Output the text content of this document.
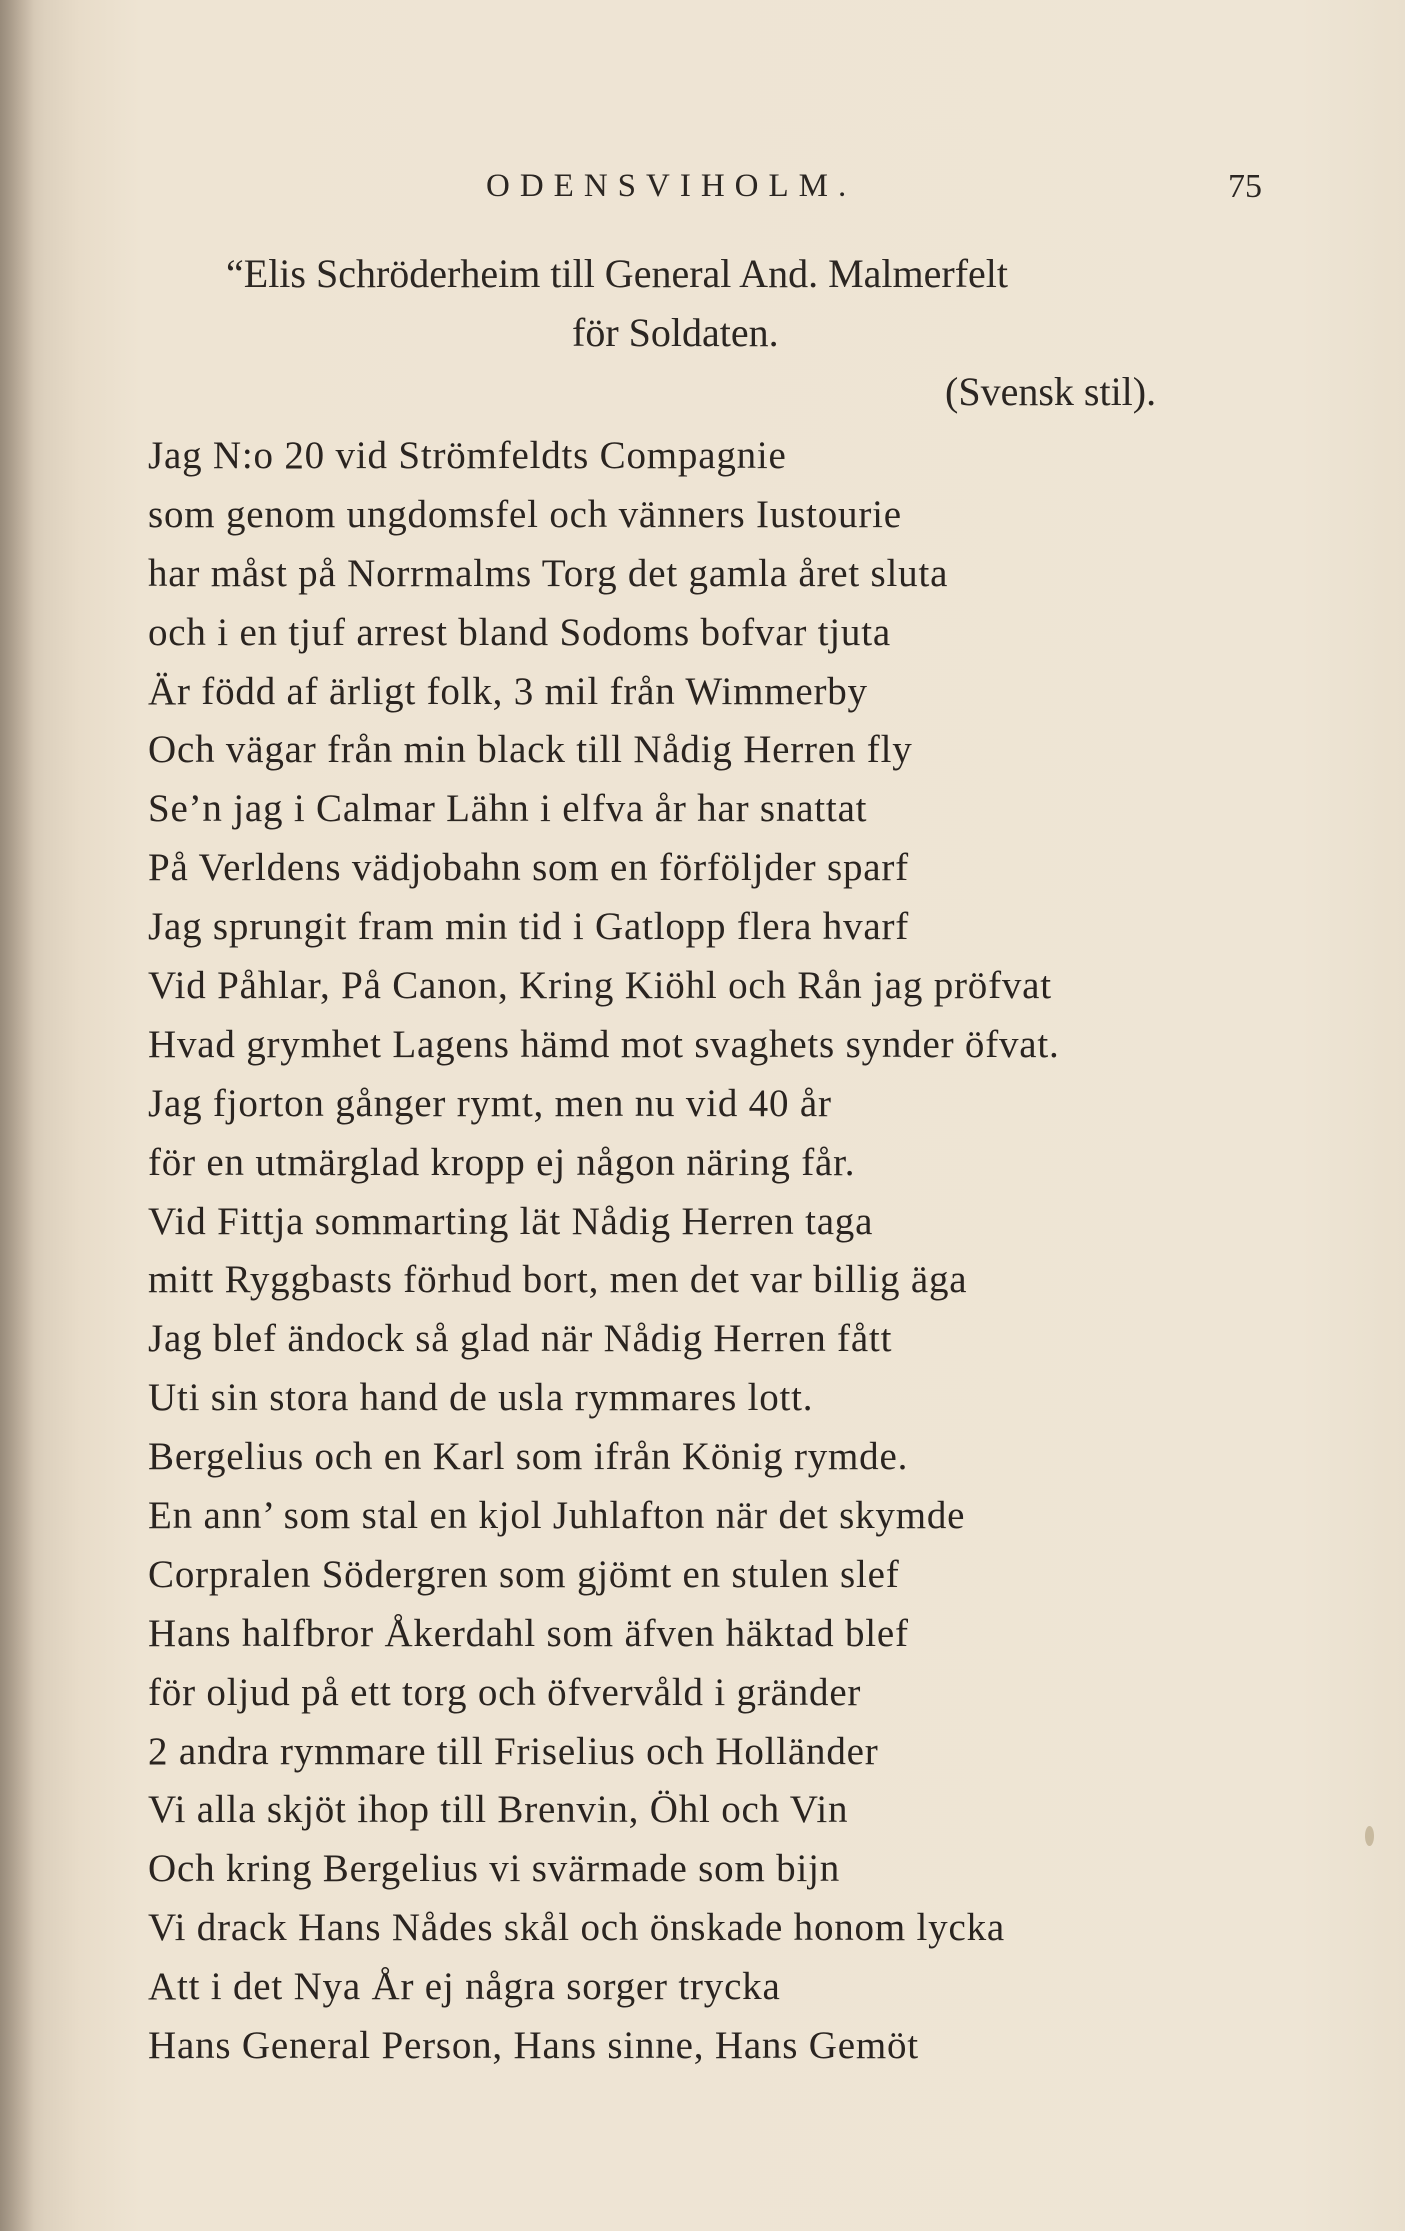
ODENSVIHOLM.	75
“Elis Schröderheim till General And. Malmerfelt
för Soldaten.
(Svensk stil).
Jag N:o 20 vid Strömfeldts Compagnie
som genom ungdomsfel och vänners Iustourie
har måst på Norrmalms Torg det gamla året sluta
och i en tjuf arrest bland Sodoms bofvar tjuta
Är född af ärligt folk, 3 mil från Wimmerby
Och vägar från min black till Nådig Herren fly
Se’n jag i Calmar Lähn i elfva år har snattat
På Verldens vädjobahn som en förföljder sparf
Jag sprungit fram min tid i Gatlopp flera hvarf
Vid Påhlar, På Canon, Kring Kiöhl och Rån jag pröfvat
Hvad grymhet Lagens hämd mot svaghets synder öfvat.
Jag fjorton gånger rymt, men nu vid 40 år
för en utmärglad kropp ej någon näring får.
Vid Fittja sommarting lät Nådig Herren taga
mitt Ryggbasts förhud bort, men det var billig äga
Jag blef ändock så glad när Nådig Herren fått
Uti sin stora hand de usla rymmares lott.
Bergelius och en Karl som ifrån König rymde.
En ann’ som stal en kjol Juhlafton när det skymde
Corpralen Södergren som gjömt en stulen slef
Hans halfbror Åkerdahl som äfven häktad blef
för oljud på ett torg och öfvervåld i gränder
2 andra rymmare till Friselius och Holländer
Vi alla skjöt ihop till Brenvin, Öhl och Vin
Och kring Bergelius vi svärmade som bijn
Vi drack Hans Nådes skål och önskade honom lycka
Att i det Nya År ej några sorger trycka
Hans General Person, Hans sinne, Hans Gemöt
